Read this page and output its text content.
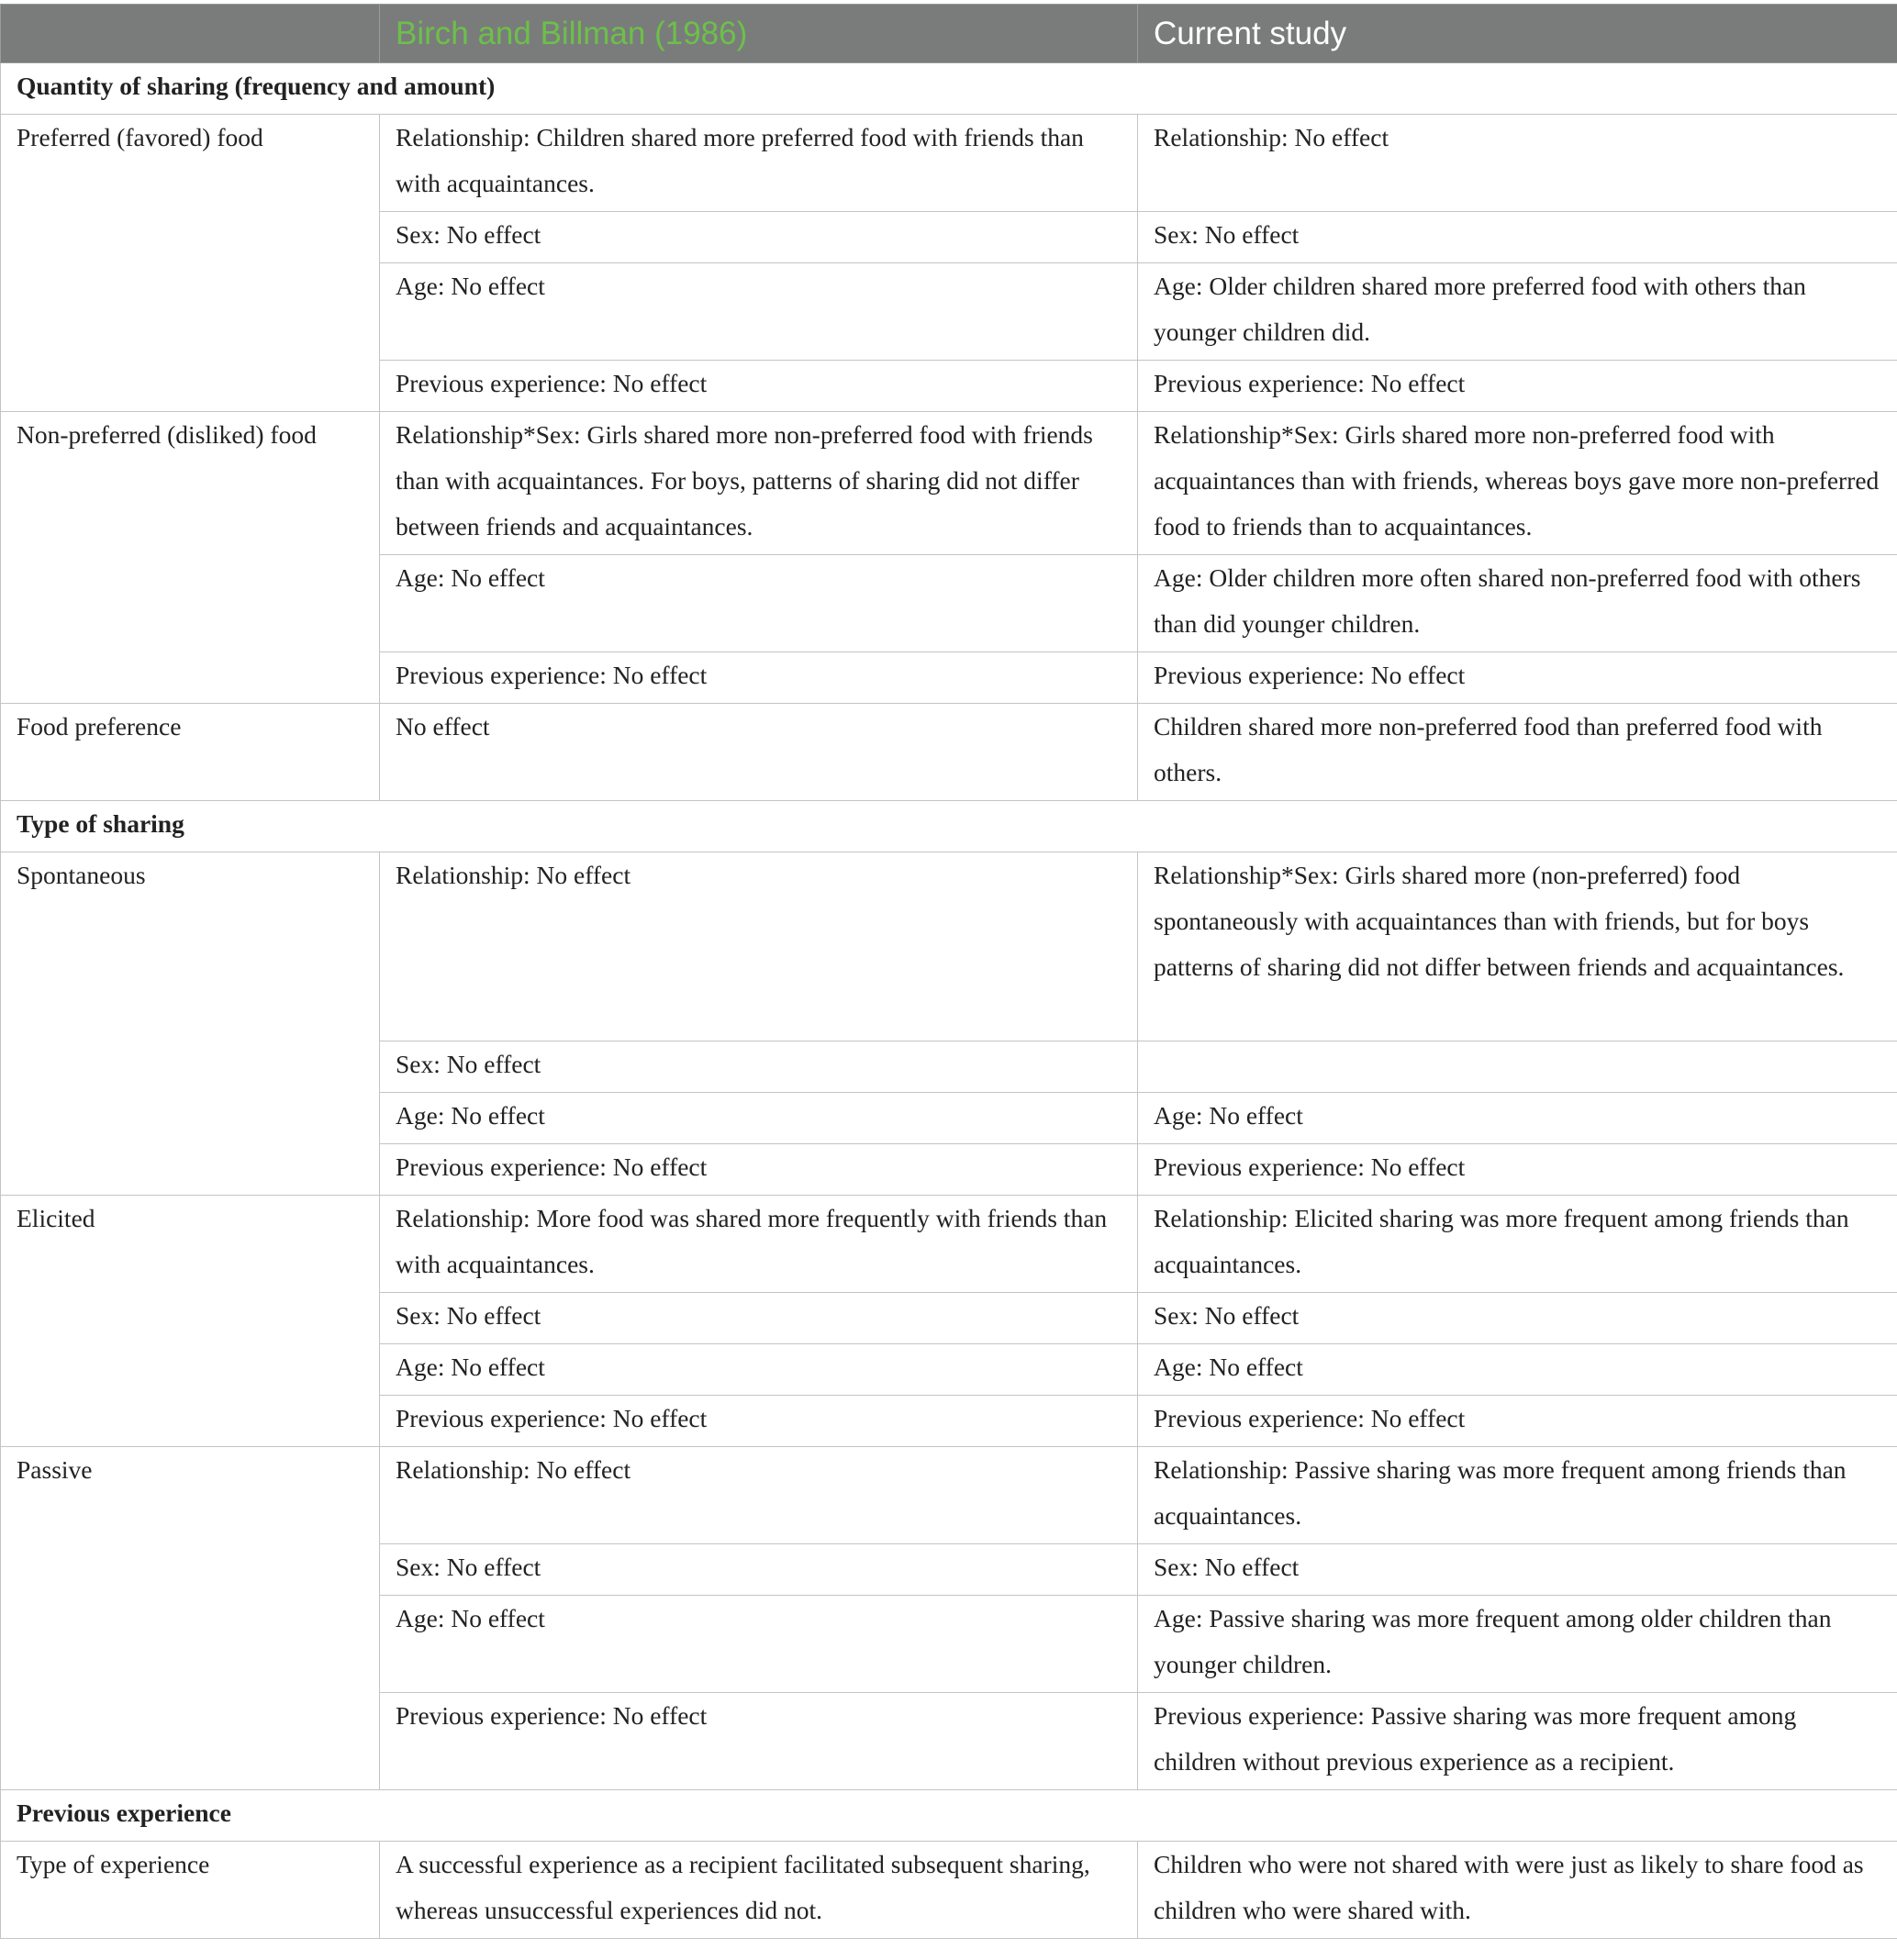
	Birch and Billman (1986)	Current study
Quantity of sharing (frequency and amount)		
Preferred (favored) food	Relationship: Children shared more preferred food with friends than with acquaintances.	Relationship: No effect
	Sex: No effect	Sex: No effect
	Age: No effect	Age: Older children shared more preferred food with others than younger children did.
	Previous experience: No effect	Previous experience: No effect
Non-preferred (disliked) food	Relationship*Sex: Girls shared more non-preferred food with friends than with acquaintances. For boys, patterns of sharing did not differ between friends and acquaintances.	Relationship*Sex: Girls shared more non-preferred food with acquaintances than with friends, whereas boys gave more non-preferred food to friends than to acquaintances.
	Age: No effect	Age: Older children more often shared non-preferred food with others than did younger children.
	Previous experience: No effect	Previous experience: No effect
Food preference	No effect	Children shared more non-preferred food than preferred food with others.
Type of sharing		
Spontaneous	Relationship: No effect	Relationship*Sex: Girls shared more (non-preferred) food spontaneously with acquaintances than with friends, but for boys patterns of sharing did not differ between friends and acquaintances.
	Sex: No effect	
	Age: No effect	Age: No effect
	Previous experience: No effect	Previous experience: No effect
Elicited	Relationship: More food was shared more frequently with friends than with acquaintances.	Relationship: Elicited sharing was more frequent among friends than acquaintances.
	Sex: No effect	Sex: No effect
	Age: No effect	Age: No effect
	Previous experience: No effect	Previous experience: No effect
Passive	Relationship: No effect	Relationship: Passive sharing was more frequent among friends than acquaintances.
	Sex: No effect	Sex: No effect
	Age: No effect	Age: Passive sharing was more frequent among older children than younger children.
	Previous experience: No effect	Previous experience: Passive sharing was more frequent among children without previous experience as a recipient.
Previous experience		
Type of experience	A successful experience as a recipient facilitated subsequent sharing, whereas unsuccessful experiences did not.	Children who were not shared with were just as likely to share food as children who were shared with.
